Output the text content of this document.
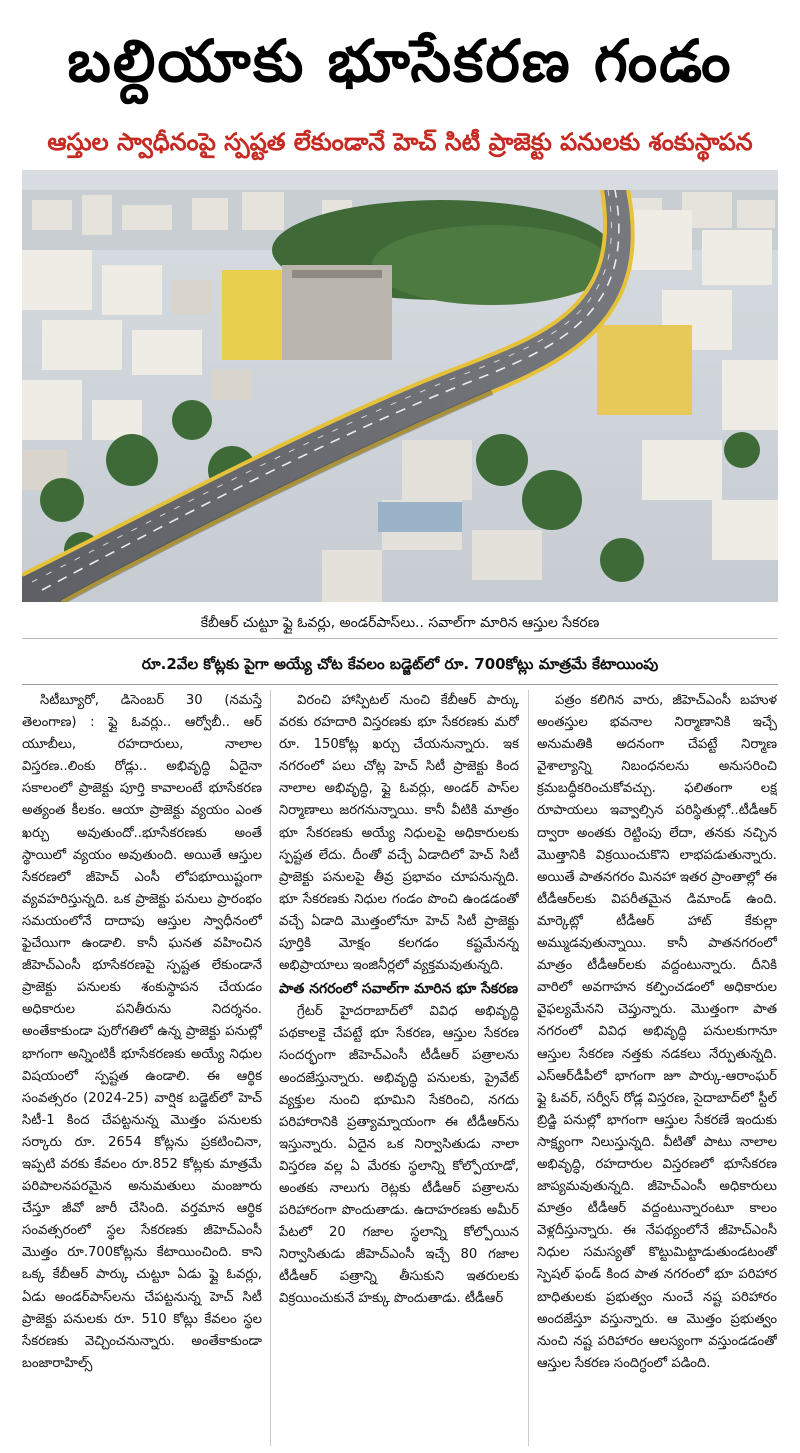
బల్దియాకు భూసేకరణ గండం
ఆస్తుల స్వాధీనంపై స్పష్టత లేకుండానే హెచ్ సిటీ ప్రాజెక్టు పనులకు శంకుస్థాపన
కేబీఆర్ చుట్టూ ఫ్లై ఓవర్లు, అండర్‌పాస్‌లు.. సవాల్‌గా మారిన ఆస్తుల సేకరణ
రూ.2వేల కోట్లకు పైగా అయ్యే చోట కేవలం బడ్జెట్‌లో రూ. 700కోట్లు మాత్రమే కేటాయింపు

సిటీబ్యూరో, డిసెంబర్ 30 (నమస్తే తెలంగాణ) : ఫ్లై ఓవర్లు.. ఆర్వోబీ.. ఆర్ యూబీలు, రహదారులు, నాలాల విస్తరణ..లింకు రోడ్లు.. అభివృద్ధి ఏదైనా సకాలంలో ప్రాజెక్టు పూర్తి కావాలంటే భూసేకరణ అత్యంత కీలకం. ఆయా ప్రాజెక్టు వ్యయం ఎంత ఖర్చు అవుతుందో..భూసేకరణకు అంతే స్థాయిలో వ్యయం అవుతుంది. అయితే ఆస్తుల సేకరణలో జీహెచ్ ఎంసీ లోపభూయిష్టంగా వ్యవహరిస్తున్నది. ఒక ప్రాజెక్టు పనులు ప్రారంభం సమయంలోనే దాదాపు ఆస్తుల స్వాధీనంలో ఫైచేయిగా ఉండాలి. కానీ ఘనత వహించిన జీహెచ్ఎంసీ భూసేకరణపై స్పష్టత లేకుండానే ప్రాజెక్టు పనులకు శంకుస్థాపన చేయడం అధికారుల పనితీరును నిదర్శనం. అంతేకాకుండా పురోగతిలో ఉన్న ప్రాజెక్టు పనుల్లో భాగంగా అన్నింటికీ భూసేకరణకు అయ్యే నిధుల విషయంలో స్పష్టత ఉండాలి. ఈ ఆర్థిక సంవత్సరం (2024-25) వార్షిక బడ్జెట్‌లో హెచ్ సిటీ-1 కింద చేపట్టనున్న మొత్తం పనులకు సర్కారు రూ. 2654 కోట్లను ప్రకటించినా, ఇప్పటి వరకు కేవలం రూ.852 కోట్లకు మాత్రమే పరిపాలనపరమైన అనుమతులు మంజూరు చేస్తూ జీవో జారీ చేసింది. వర్తమాన ఆర్థిక సంవత్సరంలో స్థల సేకరణకు జీహెచ్ఎంసీ మొత్తం రూ.700కోట్లను కేటాయించింది. కాని ఒక్క కేబీఆర్ పార్కు చుట్టూ ఏడు ఫ్లై ఓవర్లు, ఏడు అండర్‌పాస్‌లను చేపట్టనున్న హెచ్ సిటీ ప్రాజెక్టు పనులకు రూ. 510 కోట్లు కేవలం స్థల సేకరణకు వెచ్చించనున్నారు. అంతేకాకుండా బంజారాహిల్స్

విరంచి హాస్పిటల్ నుంచి కేబీఆర్ పార్కు వరకు రహదారి విస్తరణకు భూ సేకరణకు మరో రూ. 150కోట్ల ఖర్చు చేయనున్నారు. ఇక నగరంలో పలు చోట్ల హెచ్ సిటీ ప్రాజెక్టు కింద నాలాల అభివృద్ధి, ఫ్లై ఓవర్లు, అండర్ పాస్‌ల నిర్మాణాలు జరగనున్నాయి. కానీ వీటికి మాత్రం భూ సేకరణకు అయ్యే నిధులపై అధికారులకు స్పష్టత లేదు. దీంతో వచ్చే ఏడాదిలో హెచ్ సిటీ ప్రాజెక్టు పనులపై తీవ్ర ప్రభావం చూపనున్నది. భూ సేకరణకు నిధుల గండం పొంచి ఉండడంతో వచ్చే ఏడాది మొత్తంలోనూ హెచ్ సిటీ ప్రాజెక్టు పూర్తికి మోక్షం కలగడం కష్టమేనన్న అభిప్రాయాలు ఇంజినీర్లలో వ్యక్తమవుతున్నది.

పాత నగరంలో సవాల్‌గా మారిన భూ సేకరణ

గ్రేటర్ హైదరాబాద్‌లో వివిధ అభివృద్ధి పథకాలకై చేపట్టే భూ సేకరణ, ఆస్తుల సేకరణ సందర్భంగా జీహెచ్ఎంసీ టీడీఆర్ పత్రాలను అందజేస్తున్నారు. అభివృద్ధి పనులకు, ప్రైవేట్ వ్యక్తుల నుంచి భూమిని సేకరించి, నగదు పరిహారానికి ప్రత్యామ్నాయంగా ఈ టీడీఆర్‌ను ఇస్తున్నారు. ఏదైన ఒక నిర్వాసితుడు నాలా విస్తరణ వల్ల ఏ మేరకు స్థలాన్ని కోల్పోయాడో, అంతకు నాలుగు రెట్లకు టీడీఆర్ పత్రాలను పరిహారంగా పొందుతాడు. ఉదాహరణకు అమీర్ పేటలో 20 గజాల స్థలాన్ని కోల్పోయిన నిర్వాసితుడు జీహెచ్ఎంసీ ఇచ్చే 80 గజాల టీడీఆర్ పత్రాన్ని తీసుకుని ఇతరులకు విక్రయించుకునే హక్కు పొందుతాడు. టీడీఆర్

పత్రం కలిగిన వారు, జీహెచ్ఎంసీ బహుళ అంతస్తుల భవనాల నిర్మాణానికి ఇచ్చే అనుమతికి అదనంగా చేపట్టే నిర్మాణ వైశాల్యాన్ని నిబంధనలను అనుసరించి క్రమబద్ధీకరించుకోవచ్చు. ఫలితంగా లక్ష రూపాయలు ఇవ్వాల్సిన పరిస్థితుల్లో..టీడీఆర్ ద్వారా అంతకు రెట్టింపు లేదా, తనకు నచ్చిన మొత్తానికి విక్రయించుకొని లాభపడుతున్నారు. అయితే పాతనగరం మినహా ఇతర ప్రాంతాల్లో ఈ టీడీఆర్‌లకు విపరీతమైన డిమాండ్ ఉంది. మార్కెట్లో టీడీఆర్ హాట్ కేకుల్లా అమ్ముడవుతున్నాయి. కానీ పాతనగరంలో మాత్రం టీడీఆర్‌లకు వద్దంటున్నారు. దీనికి వారిలో అవగాహన కల్పించడంలో అధికారుల వైఫల్యమేనని చెప్తున్నారు. మొత్తంగా పాత నగరంలో వివిధ అభివృద్ధి పనులకుగానూ ఆస్తుల సేకరణ నత్తకు నడకలు నేర్పుతున్నది. ఎస్ఆర్‌డీపీలో భాగంగా జూ పార్కు-ఆరాంఘర్ ఫ్లై ఓవర్, సర్వీస్ రోడ్ల విస్తరణ, సైదాబాద్‌లో స్టీల్ బ్రిడ్జి పనుల్లో భాగంగా ఆస్తుల సేకరణే ఇందుకు సాక్ష్యంగా నిలుస్తున్నది. వీటితో పాటు నాలాల అభివృద్ధి, రహదారుల విస్తరణలో భూసేకరణ జాప్యమవుతున్నది. జీహెచ్ఎంసీ అధికారులు మాత్రం టీడీఆర్ వద్దంటున్నారంటూ కాలం వెళ్లదీస్తున్నారు. ఈ నేపథ్యంలోనే జీహెచ్ఎంసీ నిధుల సమస్యతో కొట్టుమిట్టాడుతుండటంతో స్పెషల్ ఫండ్ కింద పాత నగరంలో భూ పరిహార బాధితులకు ప్రభుత్వం నుంచే నష్ట పరిహారం అందజేస్తూ వస్తున్నారు. ఆ మొత్తం ప్రభుత్వం నుంచి నష్ట పరిహారం ఆలస్యంగా వస్తుండడంతో ఆస్తుల సేకరణ సందిగ్ధంలో పడింది.
